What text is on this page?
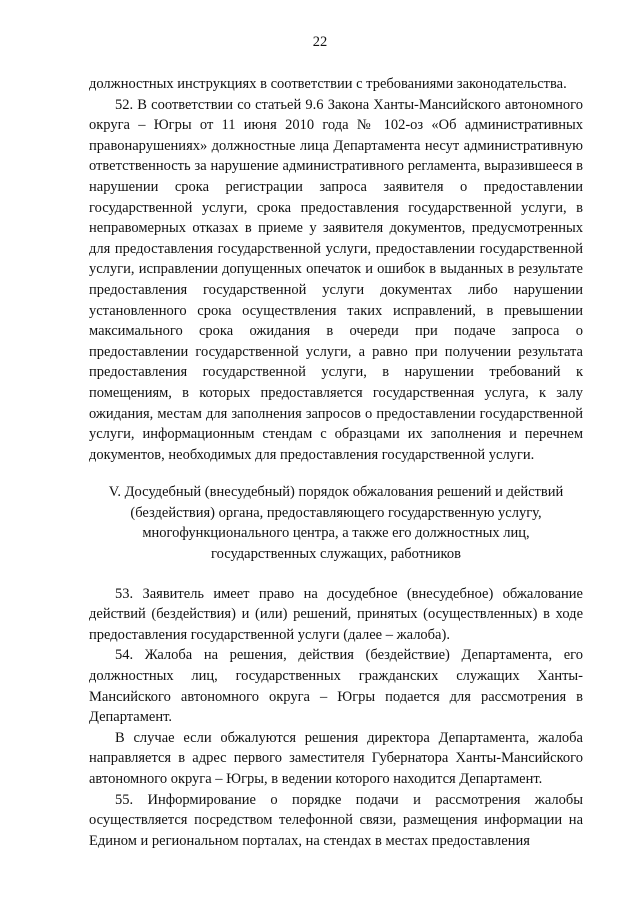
22

должностных инструкциях в соответствии с требованиями законодательства.

52. В соответствии со статьей 9.6 Закона Ханты-Мансийского автономного округа – Югры от 11 июня 2010 года № 102-оз «Об административных правонарушениях» должностные лица Департамента несут административную ответственность за нарушение административного регламента, выразившееся в нарушении срока регистрации запроса заявителя о предоставлении государственной услуги, срока предоставления государственной услуги, в неправомерных отказах в приеме у заявителя документов, предусмотренных для предоставления государственной услуги, предоставлении государственной услуги, исправлении допущенных опечаток и ошибок в выданных в результате предоставления государственной услуги документах либо нарушении установленного срока осуществления таких исправлений, в превышении максимального срока ожидания в очереди при подаче запроса о предоставлении государственной услуги, а равно при получении результата предоставления государственной услуги, в нарушении требований к помещениям, в которых предоставляется государственная услуга, к залу ожидания, местам для заполнения запросов о предоставлении государственной услуги, информационным стендам с образцами их заполнения и перечнем документов, необходимых для предоставления государственной услуги.

V. Досудебный (внесудебный) порядок обжалования решений и действий (бездействия) органа, предоставляющего государственную услугу, многофункционального центра, а также его должностных лиц, государственных служащих, работников

53. Заявитель имеет право на досудебное (внесудебное) обжалование действий (бездействия) и (или) решений, принятых (осуществленных) в ходе предоставления государственной услуги (далее – жалоба).

54. Жалоба на решения, действия (бездействие) Департамента, его должностных лиц, государственных гражданских служащих Ханты-Мансийского автономного округа – Югры подается для рассмотрения в Департамент.

В случае если обжалуются решения директора Департамента, жалоба направляется в адрес первого заместителя Губернатора Ханты-Мансийского автономного округа – Югры, в ведении которого находится Департамент.

55. Информирование о порядке подачи и рассмотрения жалобы осуществляется посредством телефонной связи, размещения информации на Едином и региональном порталах, на стендах в местах предоставления
